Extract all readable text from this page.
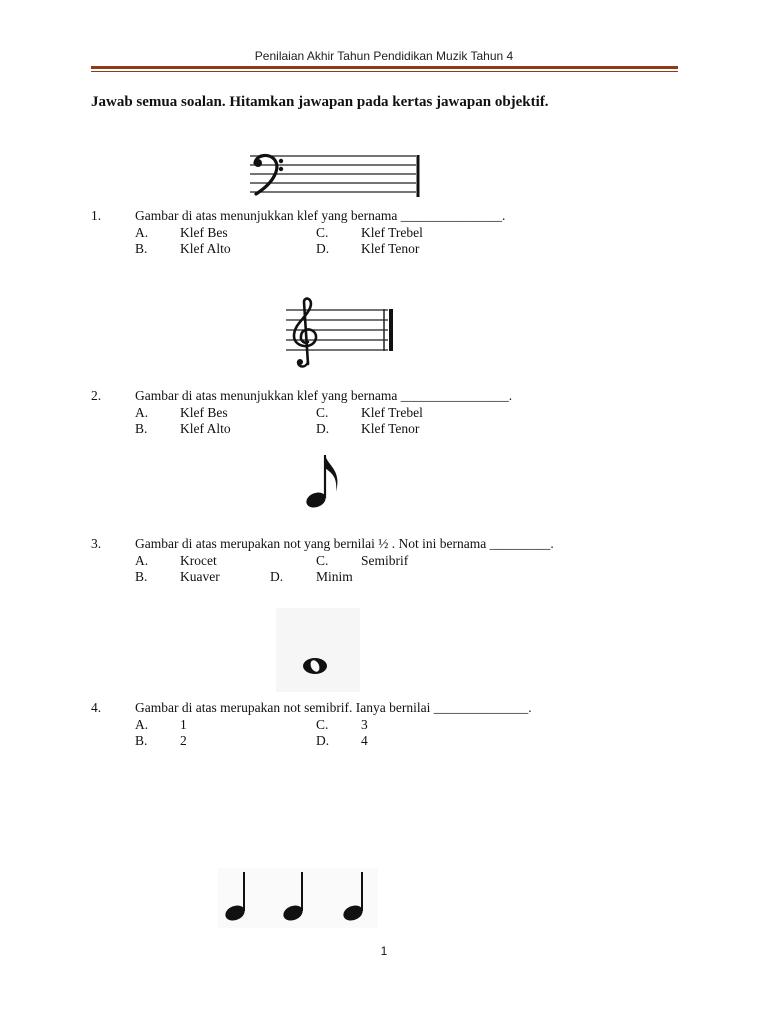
Penilaian Akhir Tahun Pendidikan Muzik Tahun 4
Jawab semua soalan. Hitamkan jawapan pada kertas jawapan objektif.
1.	Gambar di atas menunjukkan klef yang bernama _______________.
A. Klef Bes	C. Klef Trebel
B. Klef Alto	D. Klef Tenor
2.	Gambar di atas menunjukkan klef yang bernama ________________.
A. Klef Bes	C. Klef Trebel
B. Klef Alto	D. Klef Tenor
3.	Gambar di atas merupakan not yang bernilai ½ . Not ini bernama _________.
A. Krocet	C. Semibrif
B. Kuaver	D. Minim
4.	Gambar di atas merupakan not semibrif. Ianya bernilai ______________.
A. 1	C. 3
B. 2	D. 4
1
